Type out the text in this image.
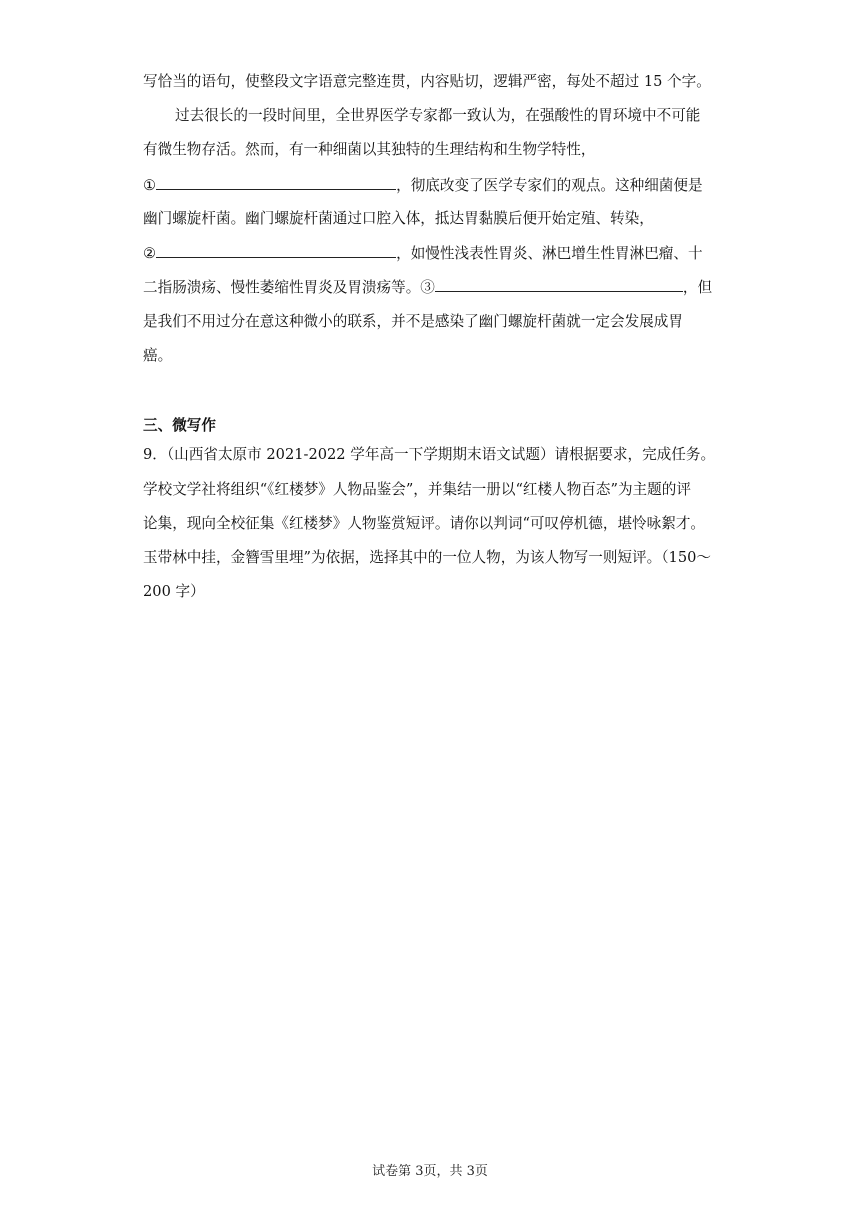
写恰当的语句，使整段文字语意完整连贯，内容贴切，逻辑严密，每处不超过 15 个字。
过去很长的一段时间里，全世界医学专家都一致认为，在强酸性的胃环境中不可能
有微生物存活。然而，有一种细菌以其独特的生理结构和生物学特性，
①	，彻底改变了医学专家们的观点。这种细菌便是
幽门螺旋杆菌。幽门螺旋杆菌通过口腔入体，抵达胃黏膜后便开始定殖、转染，
②	，如慢性浅表性胃炎、淋巴增生性胃淋巴瘤、十
二指肠溃疡、慢性萎缩性胃炎及胃溃疡等。③	，但
是我们不用过分在意这种微小的联系，并不是感染了幽门螺旋杆菌就一定会发展成胃
癌。
三、微写作
9．（山西省太原市 2021-2022 学年高一下学期期末语文试题）请根据要求，完成任务。
学校文学社将组织“《红楼梦》人物品鉴会”，并集结一册以“红楼人物百态”为主题的评
论集，现向全校征集《红楼梦》人物鉴赏短评。请你以判词“可叹停机德，堪怜咏絮才。
玉带林中挂，金簪雪里埋”为依据，选择其中的一位人物，为该人物写一则短评。（150～
200 字）
试卷第 3页，共 3页
